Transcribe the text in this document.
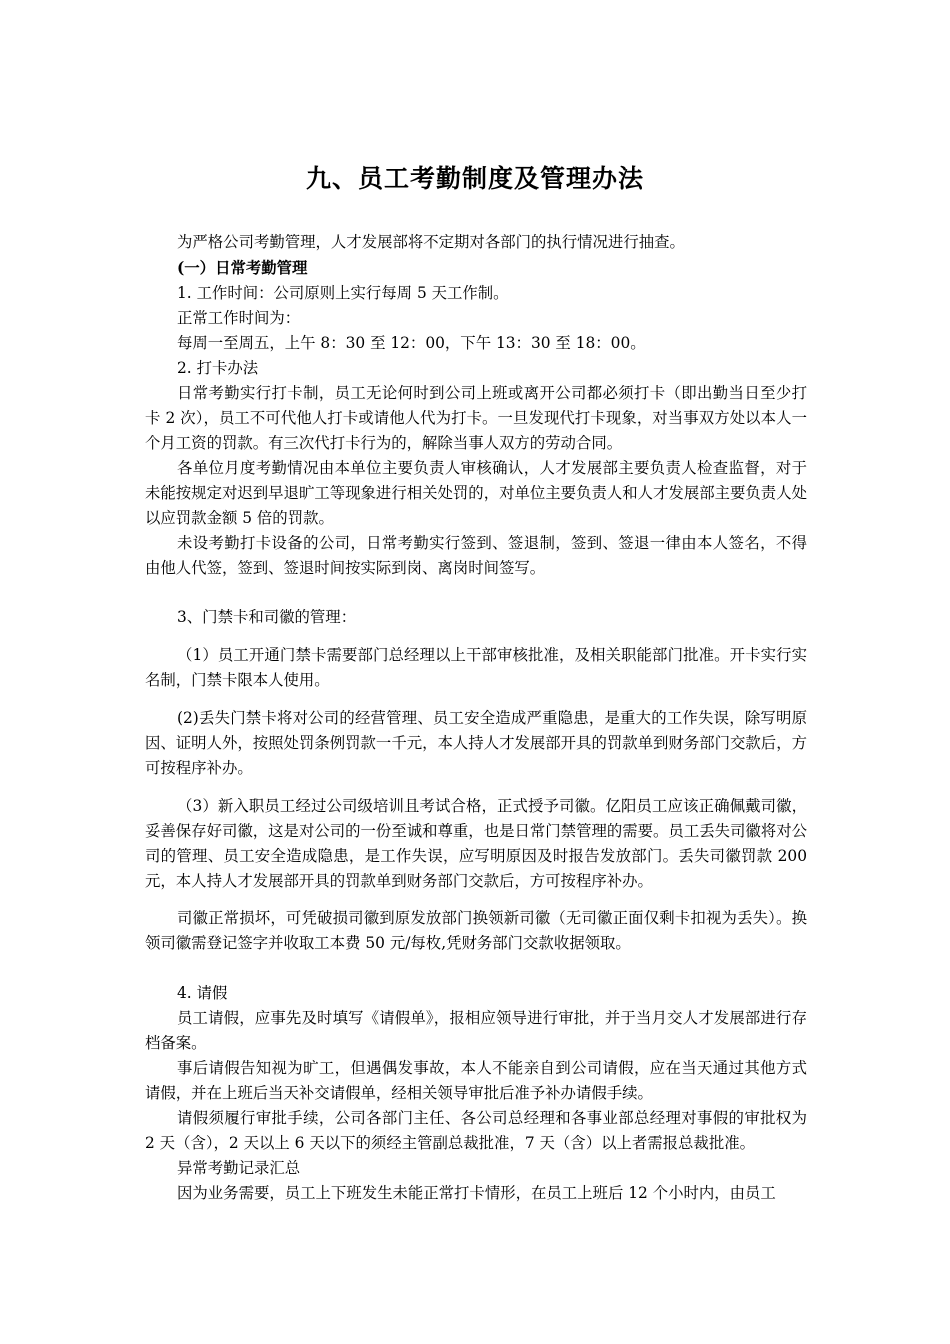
九、员工考勤制度及管理办法
为严格公司考勤管理，人才发展部将不定期对各部门的执行情况进行抽查。
(一）日常考勤管理
1. 工作时间：公司原则上实行每周 5 天工作制。
正常工作时间为：
每周一至周五，上午 8：30 至 12：00，下午 13：30 至 18：00。
2. 打卡办法
日常考勤实行打卡制，员工无论何时到公司上班或离开公司都必须打卡（即出勤当日至少打卡 2 次），员工不可代他人打卡或请他人代为打卡。一旦发现代打卡现象，对当事双方处以本人一个月工资的罚款。有三次代打卡行为的，解除当事人双方的劳动合同。
各单位月度考勤情况由本单位主要负责人审核确认，人才发展部主要负责人检查监督，对于未能按规定对迟到早退旷工等现象进行相关处罚的，对单位主要负责人和人才发展部主要负责人处以应罚款金额 5 倍的罚款。
未设考勤打卡设备的公司，日常考勤实行签到、签退制，签到、签退一律由本人签名，不得由他人代签，签到、签退时间按实际到岗、离岗时间签写。
3、门禁卡和司徽的管理：
（1）员工开通门禁卡需要部门总经理以上干部审核批准，及相关职能部门批准。开卡实行实名制，门禁卡限本人使用。
(2)丢失门禁卡将对公司的经营管理、员工安全造成严重隐患，是重大的工作失误，除写明原因、证明人外，按照处罚条例罚款一千元，本人持人才发展部开具的罚款单到财务部门交款后，方可按程序补办。
（3）新入职员工经过公司级培训且考试合格，正式授予司徽。亿阳员工应该正确佩戴司徽，妥善保存好司徽，这是对公司的一份至诚和尊重，也是日常门禁管理的需要。员工丢失司徽将对公司的管理、员工安全造成隐患，是工作失误，应写明原因及时报告发放部门。丢失司徽罚款 200 元，本人持人才发展部开具的罚款单到财务部门交款后，方可按程序补办。
司徽正常损坏，可凭破损司徽到原发放部门换领新司徽（无司徽正面仅剩卡扣视为丢失）。换领司徽需登记签字并收取工本费 50 元/每枚,凭财务部门交款收据领取。
4. 请假
员工请假，应事先及时填写《请假单》，报相应领导进行审批，并于当月交人才发展部进行存档备案。
事后请假告知视为旷工，但遇偶发事故，本人不能亲自到公司请假，应在当天通过其他方式请假，并在上班后当天补交请假单，经相关领导审批后准予补办请假手续。
请假须履行审批手续，公司各部门主任、各公司总经理和各事业部总经理对事假的审批权为 2 天（含），2 天以上 6 天以下的须经主管副总裁批准，7 天（含）以上者需报总裁批准。
异常考勤记录汇总
因为业务需要，员工上下班发生未能正常打卡情形，在员工上班后 12 个小时内，由员工
